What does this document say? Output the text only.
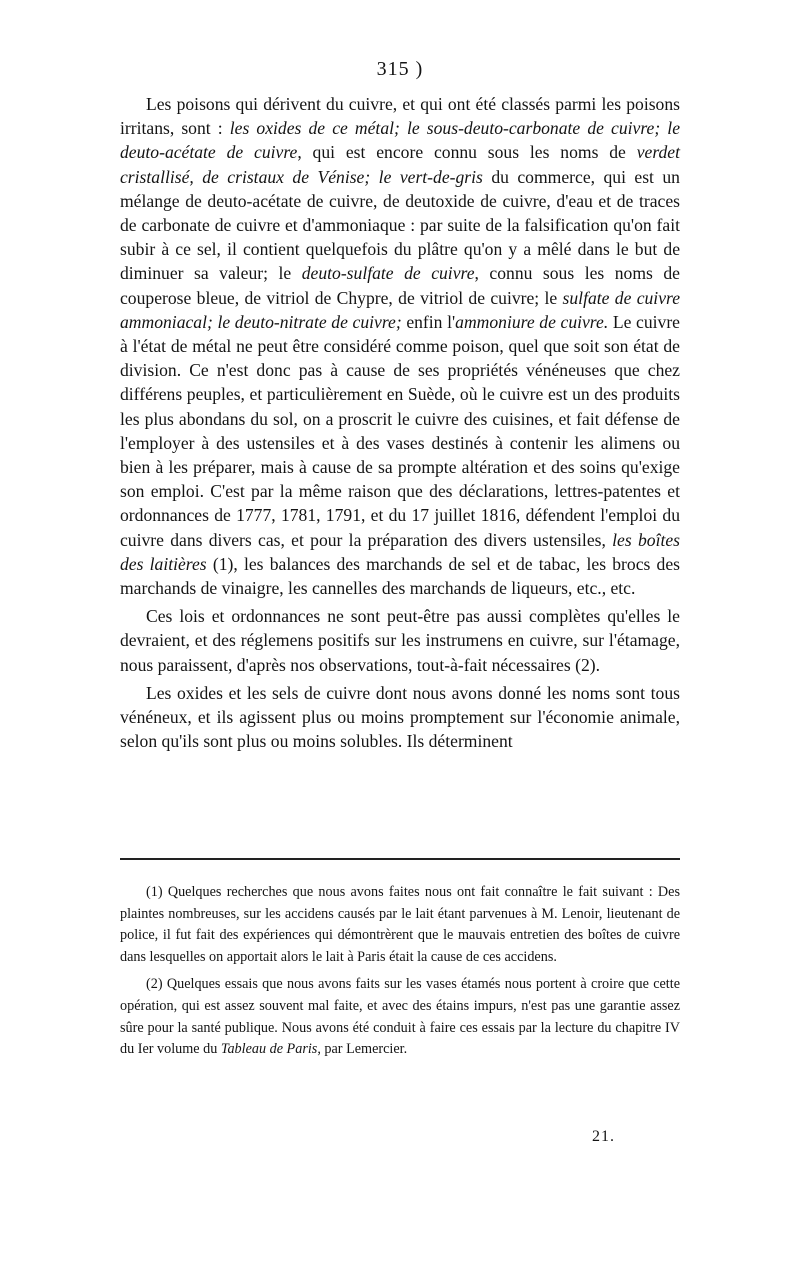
315 )

Les poisons qui dérivent du cuivre, et qui ont été classés parmi les poisons irritans, sont : les oxides de ce métal; le sous-deuto-carbonate de cuivre; le deuto-acétate de cuivre, qui est encore connu sous les noms de verdet cristallisé, de cristaux de Vénise; le vert-de-gris du commerce, qui est un mélange de deuto-acétate de cuivre, de deutoxide de cuivre, d'eau et de traces de carbonate de cuivre et d'ammoniaque : par suite de la falsification qu'on fait subir à ce sel, il contient quelquefois du plâtre qu'on y a mêlé dans le but de diminuer sa valeur; le deuto-sulfate de cuivre, connu sous les noms de couperose bleue, de vitriol de Chypre, de vitriol de cuivre; le sulfate de cuivre ammoniacal; le deuto-nitrate de cuivre; enfin l'ammoniure de cuivre. Le cuivre à l'état de métal ne peut être considéré comme poison, quel que soit son état de division. Ce n'est donc pas à cause de ses propriétés vénéneuses que chez différens peuples, et particulièrement en Suède, où le cuivre est un des produits les plus abondans du sol, on a proscrit le cuivre des cuisines, et fait défense de l'employer à des ustensiles et à des vases destinés à contenir les alimens ou bien à les préparer, mais à cause de sa prompte altération et des soins qu'exige son emploi. C'est par la même raison que des déclarations, lettres-patentes et ordonnances de 1777, 1781, 1791, et du 17 juillet 1816, défendent l'emploi du cuivre dans divers cas, et pour la préparation des divers ustensiles, les boîtes des laitières (1), les balances des marchands de sel et de tabac, les brocs des marchands de vinaigre, les cannelles des marchands de liqueurs, etc., etc.

Ces lois et ordonnances ne sont peut-être pas aussi complètes qu'elles le devraient, et des réglemens positifs sur les instrumens en cuivre, sur l'étamage, nous paraissent, d'après nos observations, tout-à-fait nécessaires (2).

Les oxides et les sels de cuivre dont nous avons donné les noms sont tous vénéneux, et ils agissent plus ou moins promptement sur l'économie animale, selon qu'ils sont plus ou moins solubles. Ils déterminent

(1) Quelques recherches que nous avons faites nous ont fait connaître le fait suivant : Des plaintes nombreuses, sur les accidens causés par le lait étant parvenues à M. Lenoir, lieutenant de police, il fut fait des expériences qui démontrèrent que le mauvais entretien des boîtes de cuivre dans lesquelles on apportait alors le lait à Paris était la cause de ces accidens.

(2) Quelques essais que nous avons faits sur les vases étamés nous portent à croire que cette opération, qui est assez souvent mal faite, et avec des étains impurs, n'est pas une garantie assez sûre pour la santé publique. Nous avons été conduit à faire ces essais par la lecture du chapitre IV du Ier volume du Tableau de Paris, par Lemercier.

21.
